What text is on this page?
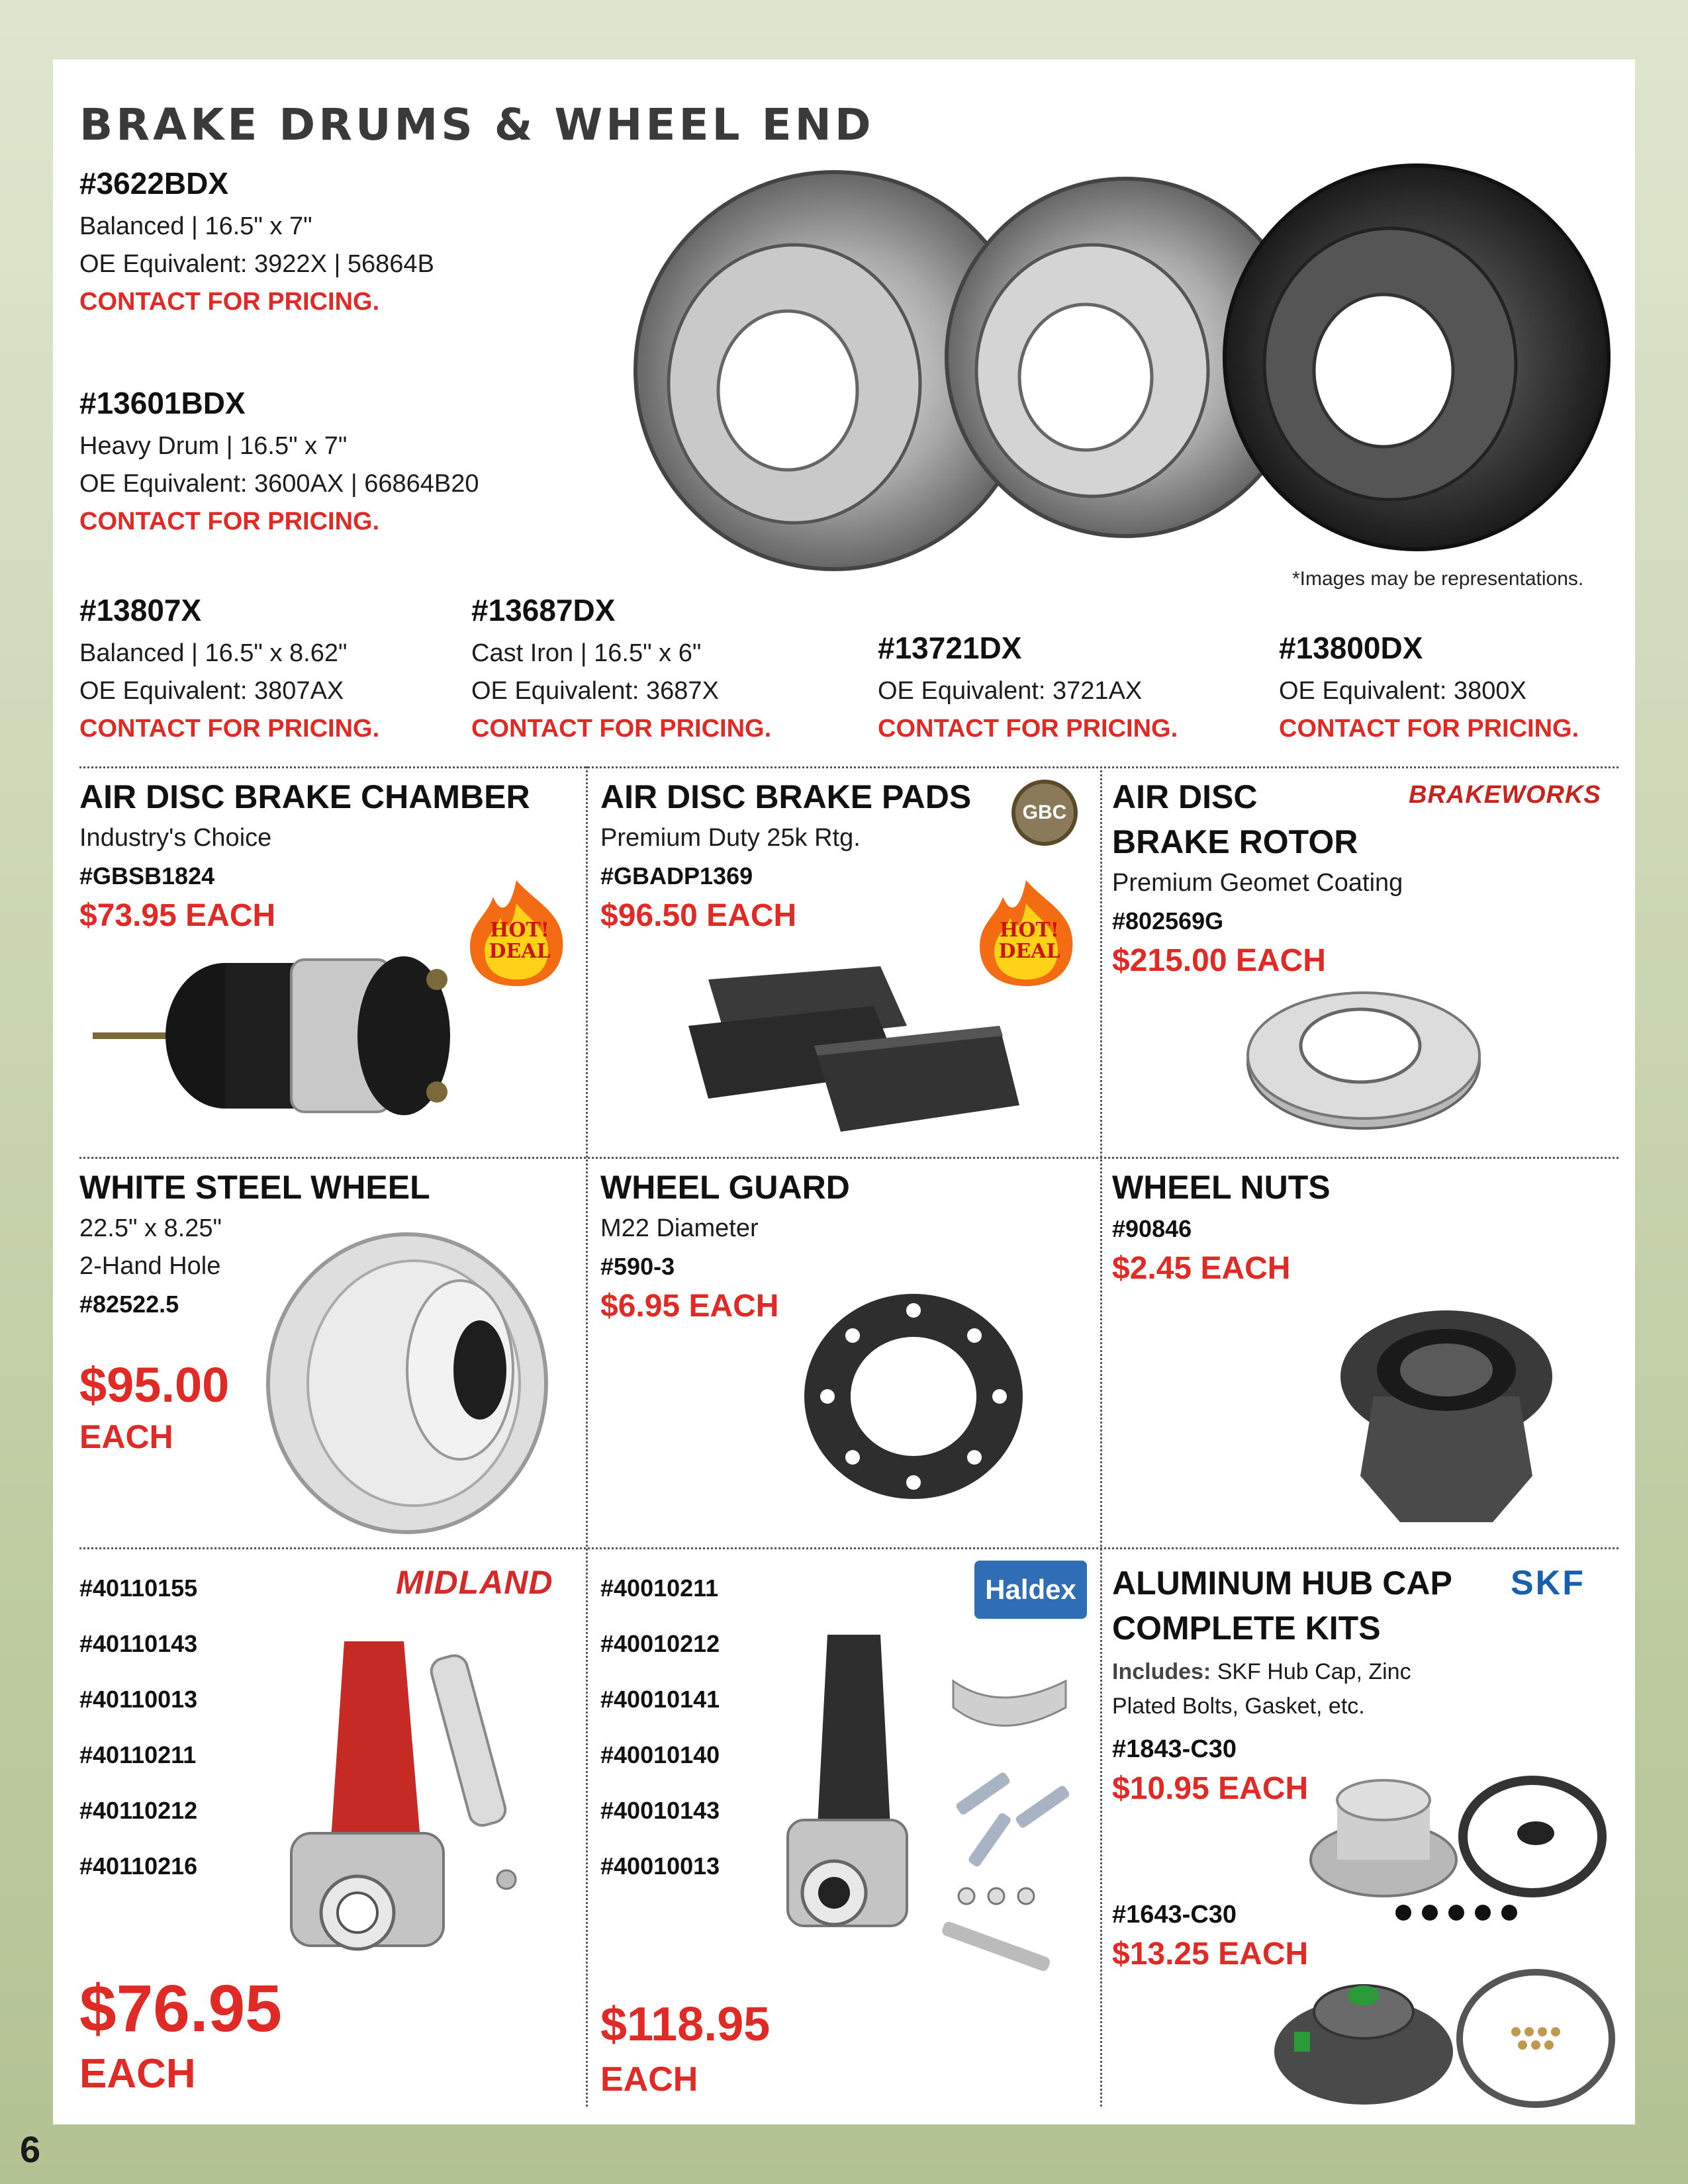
BRAKE DRUMS & WHEEL END
#3622BDX
Balanced | 16.5" x 7"
OE Equivalent: 3922X | 56864B
CONTACT FOR PRICING.
#13601BDX
Heavy Drum | 16.5" x 7"
OE Equivalent: 3600AX | 66864B20
CONTACT FOR PRICING.
#13807X
Balanced | 16.5" x 8.62"
OE Equivalent: 3807AX
CONTACT FOR PRICING.
#13687DX
Cast Iron | 16.5" x 6"
OE Equivalent: 3687X
CONTACT FOR PRICING.
#13721DX
OE Equivalent: 3721AX
CONTACT FOR PRICING.
#13800DX
OE Equivalent: 3800X
CONTACT FOR PRICING.
*Images may be representations.
AIR DISC BRAKE CHAMBER
Industry's Choice
#GBSB1824
$73.95 EACH	HOT! DEAL
AIR DISC BRAKE PADS
Premium Duty 25k Rtg.
#GBADP1369
$96.50 EACH
GBC
HOT! DEAL
AIR DISC
BRAKE ROTOR
Premium Geomet Coating
#802569G
$215.00 EACH
BRAKEWORKS
WHITE STEEL WHEEL
22.5" x 8.25"
2-Hand Hole
#82522.5
$95.00
EACH
WHEEL GUARD
M22 Diameter
#590-3
$6.95 EACH
WHEEL NUTS
#90846
$2.45 EACH
#40110155
#40110143
#40110013
#40110211
#40110212
#40110216
MIDLAND
$76.95
EACH
#40010211
#40010212
#40010141
#40010140
#40010143
#40010013
Haldex
$118.95
EACH
ALUMINUM HUB CAP
COMPLETE KITS
Includes: SKF Hub Cap, Zinc
Plated Bolts, Gasket, etc.
SKF
#1843-C30
$10.95 EACH
#1643-C30
$13.25 EACH
6
